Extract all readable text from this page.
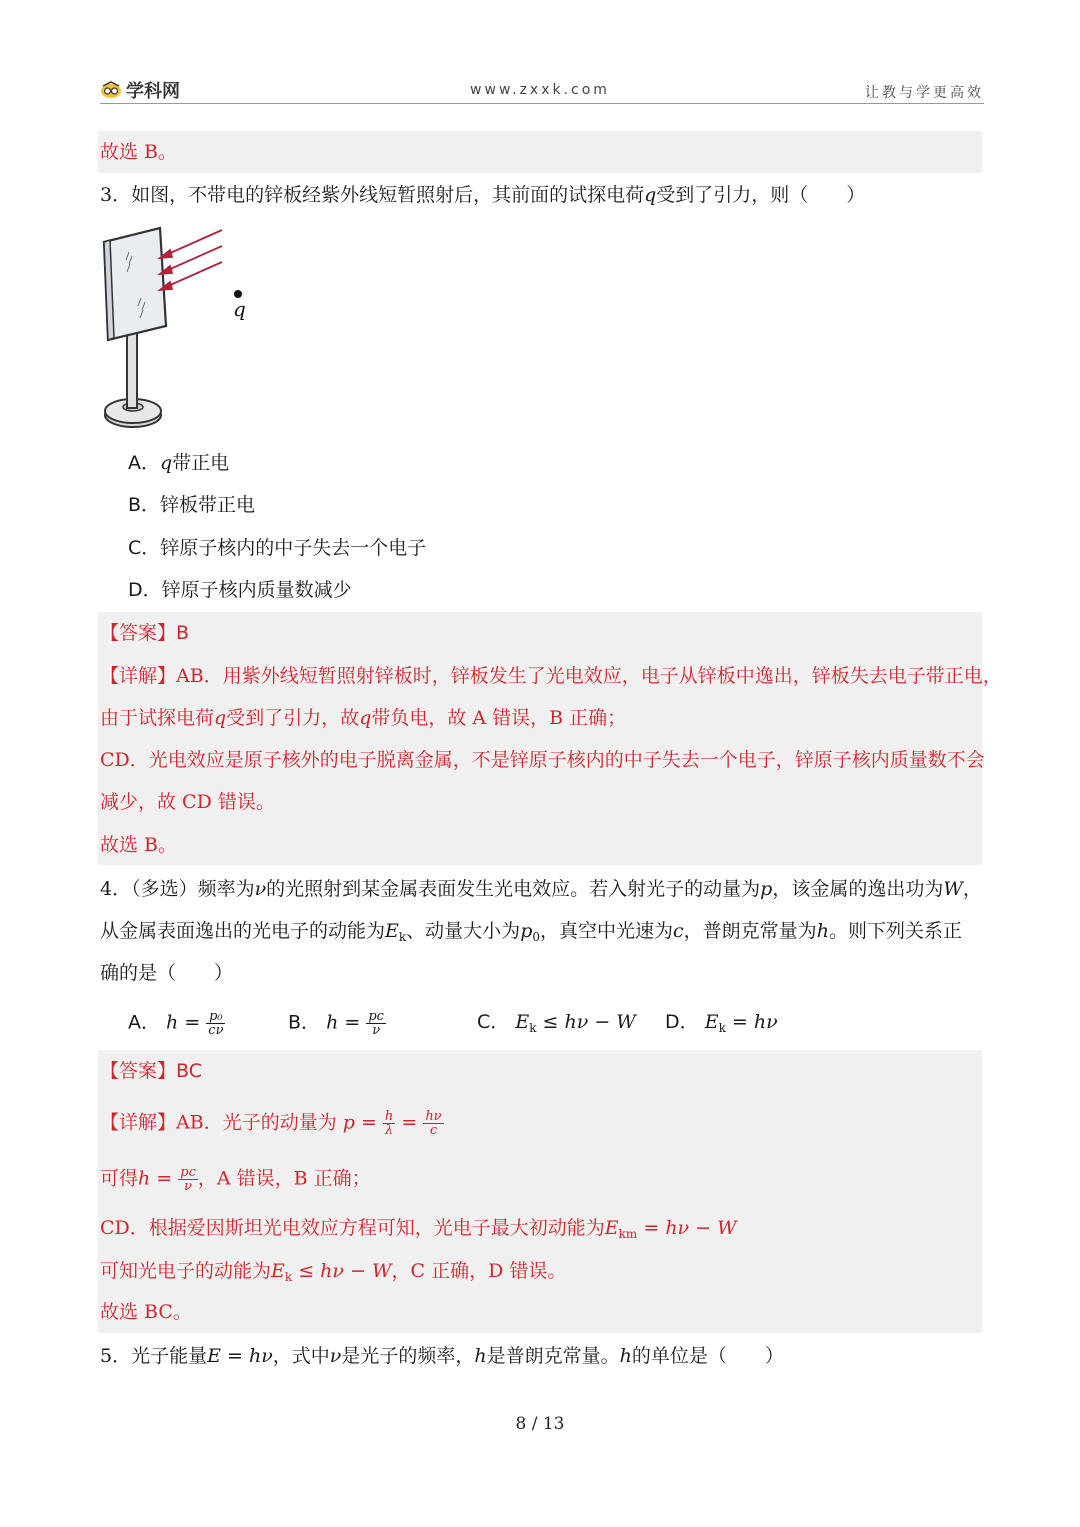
学科网	www.zxxk.com	让教与学更高效
故选 B。
3．如图，不带电的锌板经紫外线短暂照射后，其前面的试探电荷q受到了引力，则（　　）
q
A．q带正电
B．锌板带正电
C．锌原子核内的中子失去一个电子
D．锌原子核内质量数减少
【答案】B
【详解】AB．用紫外线短暂照射锌板时，锌板发生了光电效应，电子从锌板中逸出，锌板失去电子带正电，
由于试探电荷q受到了引力，故q带负电，故 A 错误，B 正确；
CD．光电效应是原子核外的电子脱离金属，不是锌原子核内的中子失去一个电子，锌原子核内质量数不会
减少，故 CD 错误。
故选 B。
4．（多选）频率为ν的光照射到某金属表面发生光电效应。若入射光子的动量为p，该金属的逸出功为W，
从金属表面逸出的光电子的动能为$E_k$、动量大小为$p_0$，真空中光速为c，普朗克常量为h。则下列关系正
确的是（　　）
A． $h = \frac{\text{p₀}}{c\nu}$	B． $h = \frac{pc}{\nu}$	C． $E_k \le h\nu - W$ D． $E_k = h\nu$
【答案】BC
【详解】AB．光子的动量为 $p = \frac{h}{\lambda} = \frac{h\nu}{c}$
可得$h = \frac{pc}{\nu}$ ，A 错误，B 正确；
CD．根据爱因斯坦光电效应方程可知，光电子最大初动能为$E_{km} = h\nu - W$
可知光电子的动能为$E_k \le h\nu - W$，C 正确，D 错误。
故选 BC。
5．光子能量E = hν，式中ν是光子的频率，h是普朗克常量。h的单位是（　　）
8 / 13
